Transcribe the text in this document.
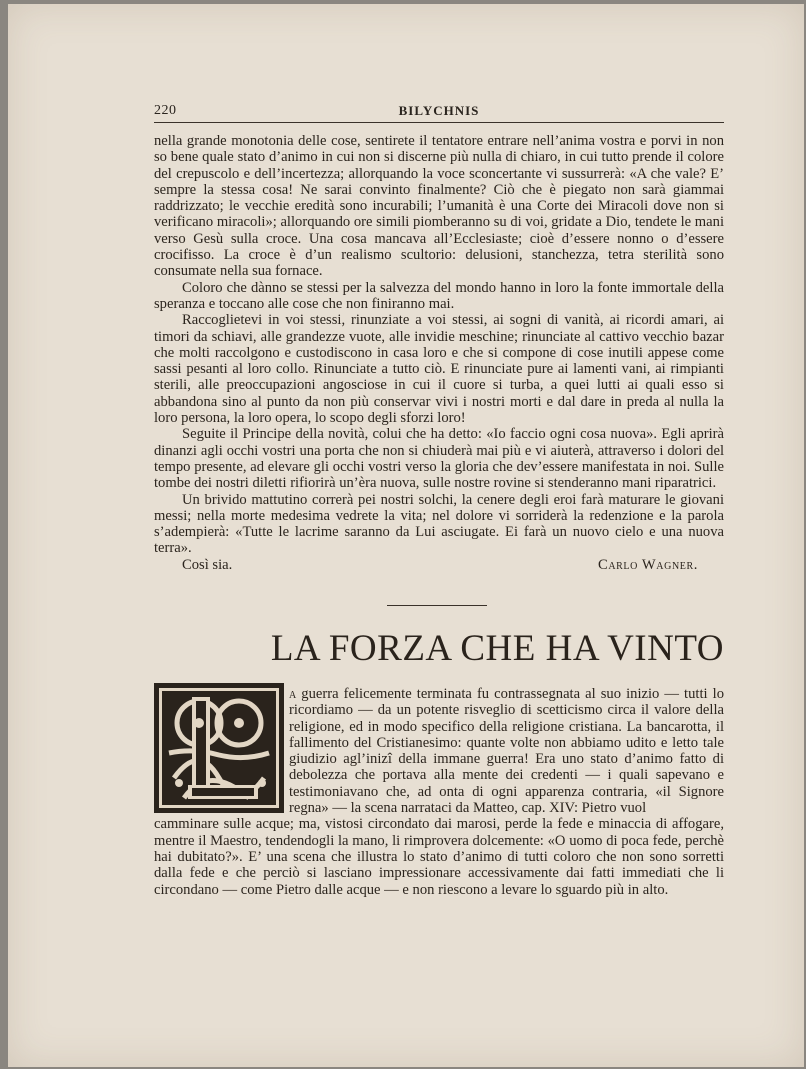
220	BILYCHNIS

nella grande monotonia delle cose, sentirete il tentatore entrare nell’anima vostra e porvi in non so bene quale stato d’animo in cui non si discerne più nulla di chiaro, in cui tutto prende il colore del crepuscolo e dell’incertezza; allorquando la voce sconcertante vi sussurrerà: «A che vale? E’ sempre la stessa cosa! Ne sarai convinto finalmente? Ciò che è piegato non sarà giammai raddrizzato; le vecchie eredità sono incurabili; l’umanità è una Corte dei Miracoli dove non si verificano miracoli»; allorquando ore simili piomberanno su di voi, gridate a Dio, tendete le mani verso Gesù sulla croce. Una cosa mancava all’Ecclesiaste; cioè d’essere nonno o d’essere crocifisso. La croce è d’un realismo scultorio: delusioni, stanchezza, tetra sterilità sono consumate nella sua fornace.

Coloro che dànno se stessi per la salvezza del mondo hanno in loro la fonte immortale della speranza e toccano alle cose che non finiranno mai.

Raccoglietevi in voi stessi, rinunziate a voi stessi, ai sogni di vanità, ai ricordi amari, ai timori da schiavi, alle grandezze vuote, alle invidie meschine; rinunciate al cattivo vecchio bazar che molti raccolgono e custodiscono in casa loro e che si compone di cose inutili appese come sassi pesanti al loro collo. Rinunciate a tutto ciò. E rinunciate pure ai lamenti vani, ai rimpianti sterili, alle preoccupazioni angosciose in cui il cuore si turba, a quei lutti ai quali esso si abbandona sino al punto da non più conservar vivi i nostri morti e dal dare in preda al nulla la loro persona, la loro opera, lo scopo degli sforzi loro!

Seguite il Principe della novità, colui che ha detto: «Io faccio ogni cosa nuova». Egli aprirà dinanzi agli occhi vostri una porta che non si chiuderà mai più e vi aiuterà, attraverso i dolori del tempo presente, ad elevare gli occhi vostri verso la gloria che dev’essere manifestata in noi. Sulle tombe dei nostri diletti rifiorirà un’èra nuova, sulle nostre rovine si stenderanno mani riparatrici.

Un brivido mattutino correrà pei nostri solchi, la cenere degli eroi farà maturare le giovani messi; nella morte medesima vedrete la vita; nel dolore vi sorriderà la redenzione e la parola s’adempierà: «Tutte le lacrime saranno da Lui asciugate. Ei farà un nuovo cielo e una nuova terra».

Così sia.	Carlo Wagner.
LA FORZA CHE HA VINTO

a guerra felicemente terminata fu contrassegnata al suo inizio — tutti lo ricordiamo — da un potente risveglio di scetticismo circa il valore della religione, ed in modo specifico della religione cristiana. La bancarotta, il fallimento del Cristianesimo: quante volte non abbiamo udito e letto tale giudizio agl’inizî della immane guerra! Era uno stato d’animo fatto di debolezza che portava alla mente dei credenti — i quali sapevano e testimoniavano che, ad onta di ogni apparenza contraria, «il Signore regna» — la scena narrataci da Matteo, cap. XIV: Pietro vuol

camminare sulle acque; ma, vistosi circondato dai marosi, perde la fede e minaccia di affogare, mentre il Maestro, tendendogli la mano, li rimprovera dolcemente: «O uomo di poca fede, perchè hai dubitato?». E’ una scena che illustra lo stato d’animo di tutti coloro che non sono sorretti dalla fede e che perciò si lasciano impressionare accessivamente dai fatti immediati che li circondano — come Pietro dalle acque — e non riescono a levare lo sguardo più in alto.
